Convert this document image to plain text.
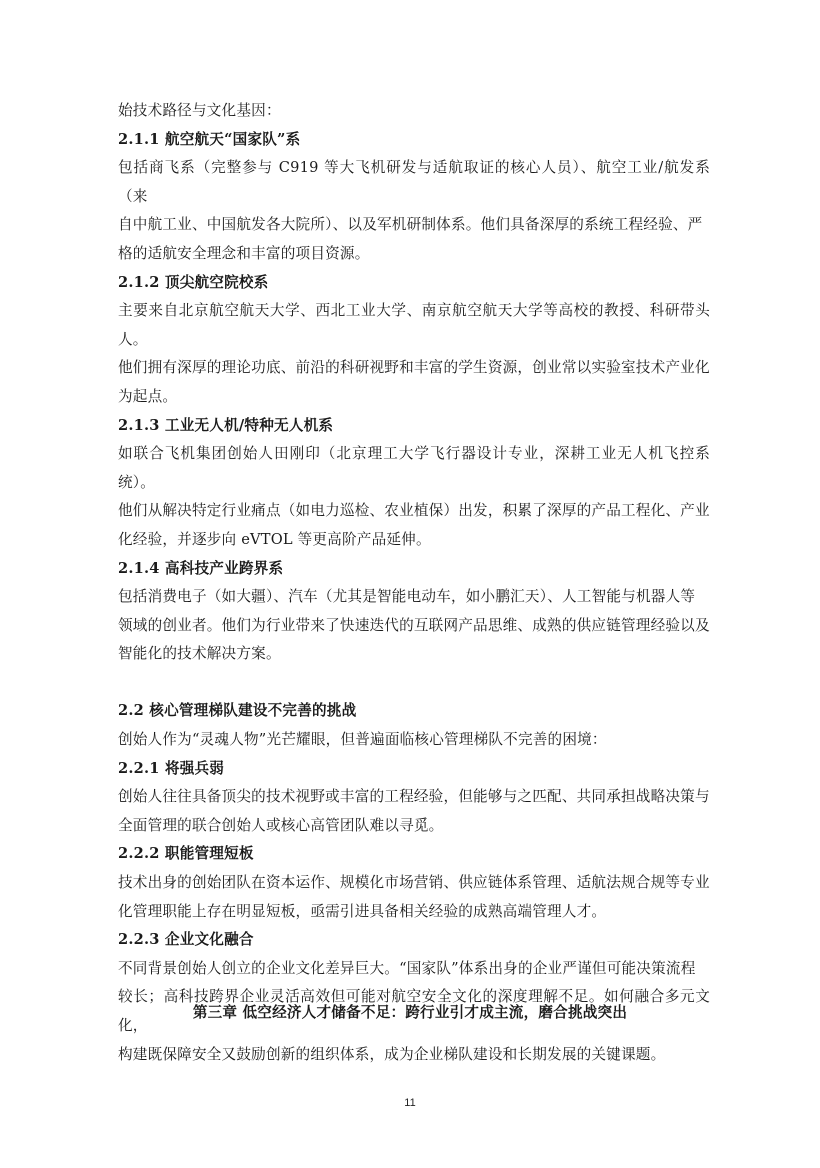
始技术路径与文化基因：

2.1.1 航空航天“国家队”系

包括商飞系（完整参与 C919 等大飞机研发与适航取证的核心人员）、航空工业/航发系（来

自中航工业、中国航发各大院所）、以及军机研制体系。他们具备深厚的系统工程经验、严

格的适航安全理念和丰富的项目资源。

2.1.2 顶尖航空院校系

主要来自北京航空航天大学、西北工业大学、南京航空航天大学等高校的教授、科研带头人。

他们拥有深厚的理论功底、前沿的科研视野和丰富的学生资源，创业常以实验室技术产业化

为起点。

2.1.3 工业无人机/特种无人机系

如联合飞机集团创始人田刚印（北京理工大学飞行器设计专业，深耕工业无人机飞控系统）。

他们从解决特定行业痛点（如电力巡检、农业植保）出发，积累了深厚的产品工程化、产业

化经验，并逐步向 eVTOL 等更高阶产品延伸。

2.1.4 高科技产业跨界系

包括消费电子（如大疆）、汽车（尤其是智能电动车，如小鹏汇天）、人工智能与机器人等

领域的创业者。他们为行业带来了快速迭代的互联网产品思维、成熟的供应链管理经验以及

智能化的技术解决方案。

2.2 核心管理梯队建设不完善的挑战

创始人作为“灵魂人物”光芒耀眼，但普遍面临核心管理梯队不完善的困境：

2.2.1 将强兵弱

创始人往往具备顶尖的技术视野或丰富的工程经验，但能够与之匹配、共同承担战略决策与

全面管理的联合创始人或核心高管团队难以寻觅。

2.2.2 职能管理短板

技术出身的创始团队在资本运作、规模化市场营销、供应链体系管理、适航法规合规等专业

化管理职能上存在明显短板，亟需引进具备相关经验的成熟高端管理人才。

2.2.3 企业文化融合

不同背景创始人创立的企业文化差异巨大。“国家队”体系出身的企业严谨但可能决策流程

较长；高科技跨界企业灵活高效但可能对航空安全文化的深度理解不足。如何融合多元文化，

构建既保障安全又鼓励创新的组织体系，成为企业梯队建设和长期发展的关键课题。

第三章 低空经济人才储备不足：跨行业引才成主流，磨合挑战突出
11
